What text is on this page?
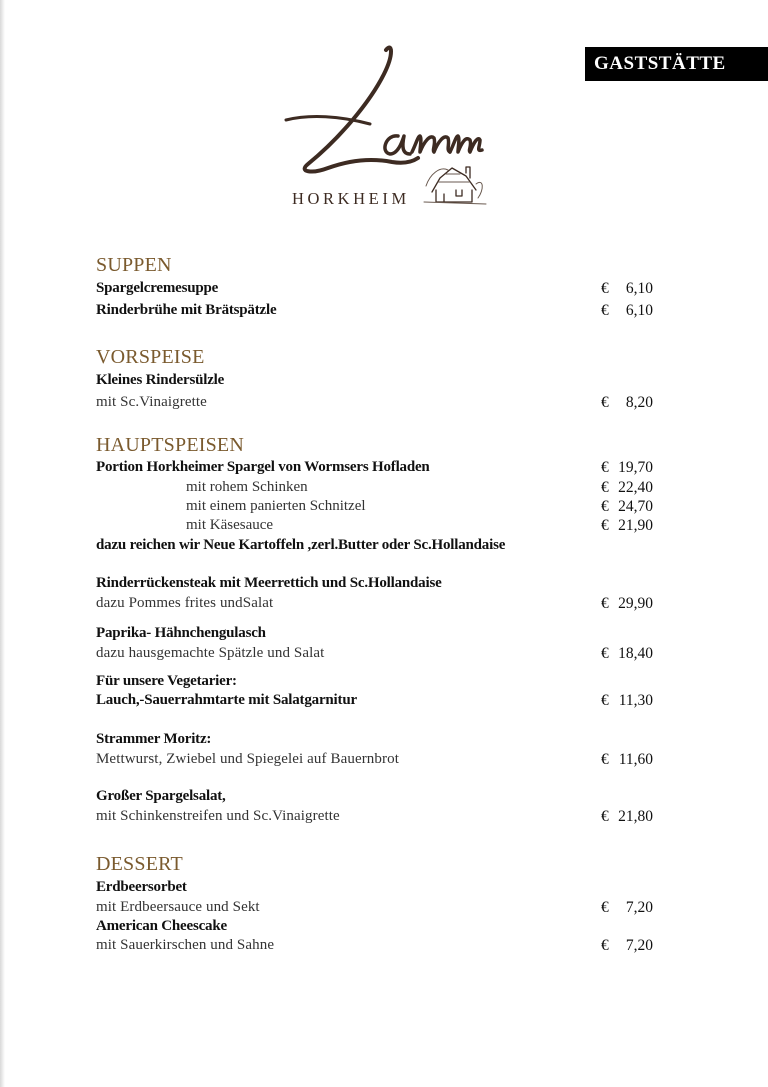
GASTSTÄTTE
HORKHEIM
SUPPEN
Spargelcremesuppe	€ 6,10
Rinderbrühe mit Brätspätzle	€ 6,10
VORSPEISE
Kleines Rindersülzle
mit Sc.Vinaigrette	€ 8,20
HAUPTSPEISEN
Portion Horkheimer Spargel von Wormsers Hofladen	€ 19,70
mit rohem Schinken	€ 22,40
mit einem panierten Schnitzel	€ 24,70
mit Käsesauce	€ 21,90
dazu reichen wir Neue Kartoffeln ,zerl.Butter oder Sc.Hollandaise
Rinderrückensteak mit Meerrettich und Sc.Hollandaise
dazu Pommes frites undSalat	€ 29,90
Paprika- Hähnchengulasch
dazu hausgemachte Spätzle und Salat	€ 18,40
Für unsere Vegetarier:
Lauch,-Sauerrahmtarte mit Salatgarnitur	€ 11,30
Strammer Moritz:
Mettwurst, Zwiebel und Spiegelei auf Bauernbrot	€ 11,60
Großer Spargelsalat,
mit Schinkenstreifen und Sc.Vinaigrette	€ 21,80
DESSERT
Erdbeersorbet
mit Erdbeersauce und Sekt	€ 7,20
American Cheescake
mit Sauerkirschen und Sahne	€ 7,20
